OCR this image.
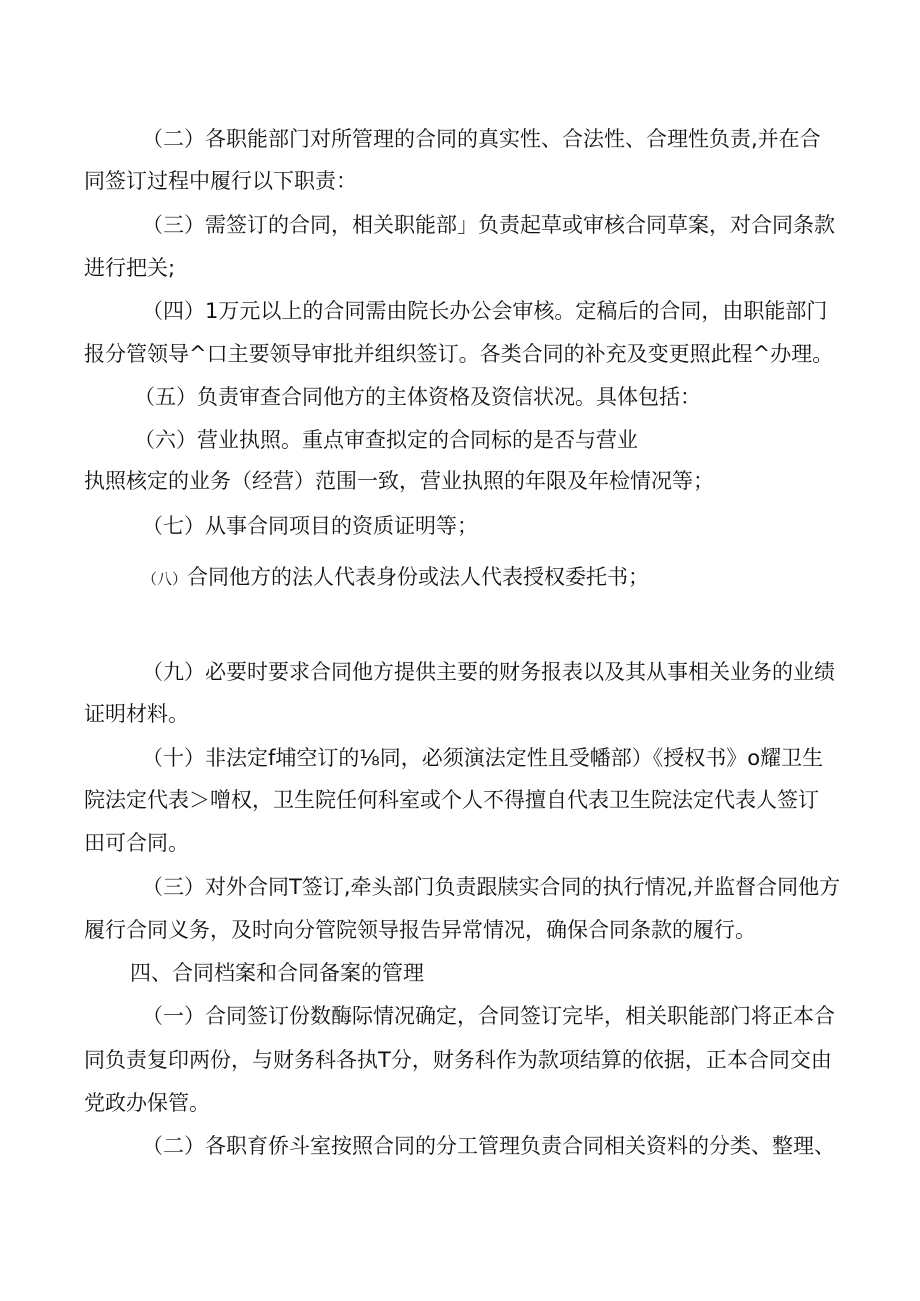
（二）各职能部门对所管理的合同的真实性、合法性、合理性负责,并在合
同签订过程中履行以下职责：
（三）需签订的合同，相关职能部」负责起草或审核合同草案，对合同条款
进行把关;
（四）1万元以上的合同需由院长办公会审核。定稿后的合同，由职能部门
报分管领导^口主要领导审批并组织签订。各类合同的补充及变更照此程^办理。
（五）负责审查合同他方的主体资格及资信状况。具体包括：
（六）营业执照。重点审查拟定的合同标的是否与营业
执照核定的业务（经营）范围一致，营业执照的年限及年检情况等；
（七）从事合同项目的资质证明等；
（八）合同他方的法人代表身份或法人代表授权委托书；
（九）必要时要求合同他方提供主要的财务报表以及其从事相关业务的业绩
证明材料。
（十）非法定f埔空订的⅛同，必须演法定性且受幡部）《授权书》o耀卫生
院法定代表＞噌权，卫生院任何科室或个人不得擅自代表卫生院法定代表人签订
田可合同。
（三）对外合同T签订,牵头部门负责跟牍实合同的执行情况,并监督合同他方
履行合同义务，及时向分管院领导报告异常情况，确保合同条款的履行。
四、合同档案和合同备案的管理
（一）合同签订份数酶际情况确定，合同签订完毕，相关职能部门将正本合
同负责复印两份，与财务科各执T分，财务科作为款项结算的依据，正本合同交由
党政办保管。
（二）各职育侨斗室按照合同的分工管理负责合同相关资料的分类、整理、
